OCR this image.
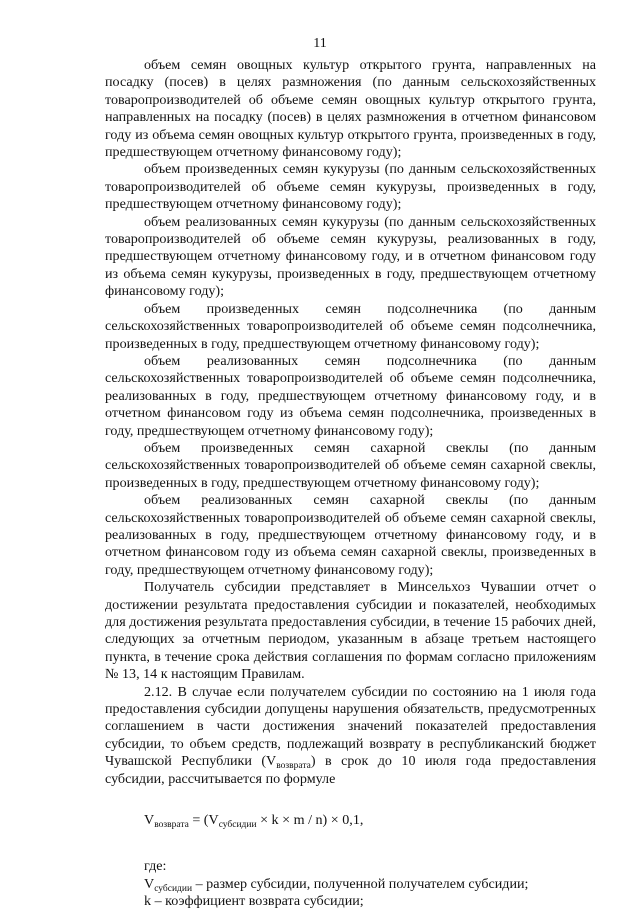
11

объем семян овощных культур открытого грунта, направленных на посадку (посев) в целях размножения (по данным сельскохозяйственных товаропроизводителей об объеме семян овощных культур открытого грунта, направленных на посадку (посев) в целях размножения в отчетном финансовом году из объема семян овощных культур открытого грунта, произведенных в году, предшествующем отчетному финансовому году);

объем произведенных семян кукурузы (по данным сельскохозяйственных товаропроизводителей об объеме семян кукурузы, произведенных в году, предшествующем отчетному финансовому году);

объем реализованных семян кукурузы (по данным сельскохозяйственных товаропроизводителей об объеме семян кукурузы, реализованных в году, предшествующем отчетному финансовому году, и в отчетном финансовом году из объема семян кукурузы, произведенных в году, предшествующем отчетному финансовому году);

объем произведенных семян подсолнечника (по данным сельскохозяйственных товаропроизводителей об объеме семян подсолнечника, произведенных в году, предшествующем отчетному финансовому году);

объем реализованных семян подсолнечника (по данным сельскохозяйственных товаропроизводителей об объеме семян подсолнечника, реализованных в году, предшествующем отчетному финансовому году, и в отчетном финансовом году из объема семян подсолнечника, произведенных в году, предшествующем отчетному финансовому году);

объем произведенных семян сахарной свеклы (по данным сельскохозяйственных товаропроизводителей об объеме семян сахарной свеклы, произведенных в году, предшествующем отчетному финансовому году);

объем реализованных семян сахарной свеклы (по данным сельскохозяйственных товаропроизводителей об объеме семян сахарной свеклы, реализованных в году, предшествующем отчетному финансовому году, и в отчетном финансовом году из объема семян сахарной свеклы, произведенных в году, предшествующем отчетному финансовому году);

Получатель субсидии представляет в Минсельхоз Чувашии отчет о достижении результата предоставления субсидии и показателей, необходимых для достижения результата предоставления субсидии, в течение 15 рабочих дней, следующих за отчетным периодом, указанным в абзаце третьем настоящего пункта, в течение срока действия соглашения по формам согласно приложениям № 13, 14 к настоящим Правилам.

2.12. В случае если получателем субсидии по состоянию на 1 июля года предоставления субсидии допущены нарушения обязательств, предусмотренных соглашением в части достижения значений показателей предоставления субсидии, то объем средств, подлежащий возврату в республиканский бюджет Чувашской Республики $(V_{возврата})$ в срок до 10 июля года предоставления субсидии, рассчитывается по формуле

$V_{возврата} = (V_{субсидии} \times k \times m / n) \times 0,1$,

где:

$V_{субсидии}$ – размер субсидии, полученной получателем субсидии;

k – коэффициент возврата субсидии;
